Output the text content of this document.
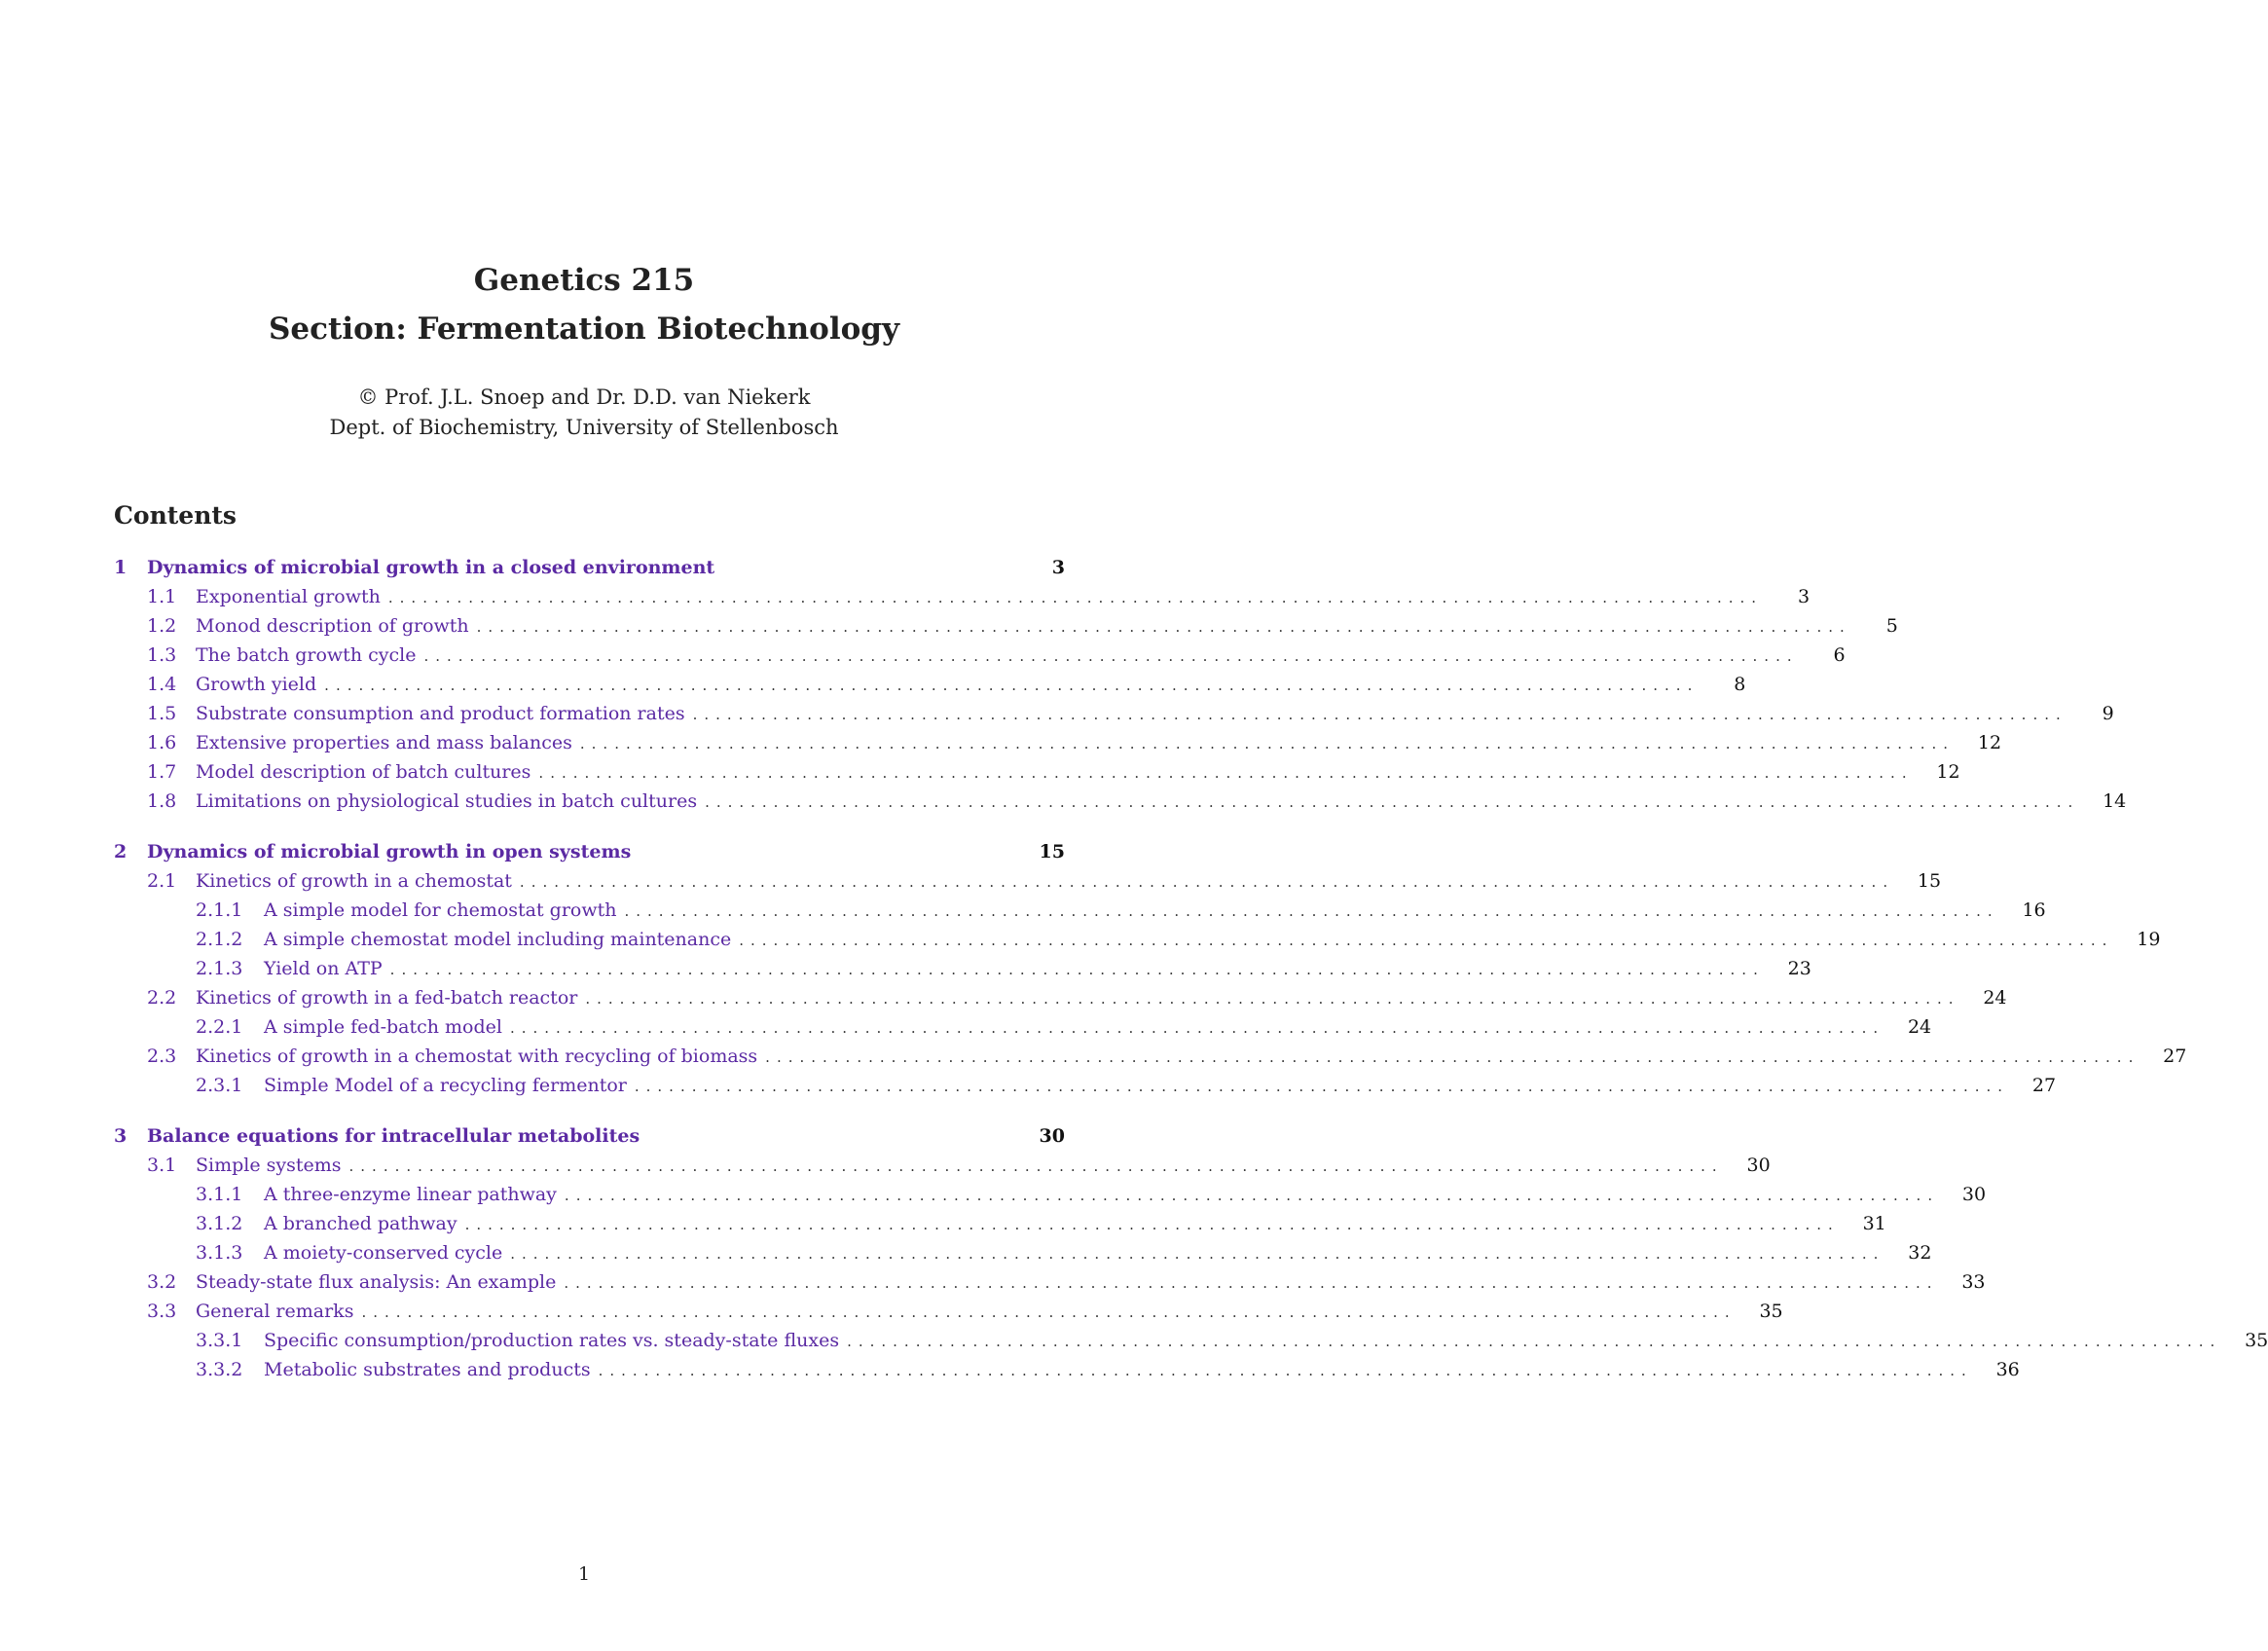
Genetics 215
Section: Fermentation Biotechnology
© Prof. J.L. Snoep and Dr. D.D. van Niekerk
Dept. of Biochemistry, University of Stellenbosch
Contents
1	Dynamics of microbial growth in a closed environment	3
1.1	Exponential growth ........................................................................................................................	3
1.2	Monod description of growth ........................................................................................................................	5
1.3	The batch growth cycle ........................................................................................................................	6
1.4	Growth yield ........................................................................................................................	8
1.5	Substrate consumption and product formation rates ........................................................................................................................	9
1.6	Extensive properties and mass balances ........................................................................................................................	12
1.7	Model description of batch cultures ........................................................................................................................	12
1.8	Limitations on physiological studies in batch cultures ........................................................................................................................	14
2	Dynamics of microbial growth in open systems	15
2.1	Kinetics of growth in a chemostat ........................................................................................................................	15
2.1.1	A simple model for chemostat growth ........................................................................................................................	16
2.1.2	A simple chemostat model including maintenance ........................................................................................................................	19
2.1.3	Yield on ATP ........................................................................................................................	23
2.2	Kinetics of growth in a fed-batch reactor ........................................................................................................................	24
2.2.1	A simple fed-batch model ........................................................................................................................	24
2.3	Kinetics of growth in a chemostat with recycling of biomass ........................................................................................................................	27
2.3.1	Simple Model of a recycling fermentor ........................................................................................................................	27
3	Balance equations for intracellular metabolites	30
3.1	Simple systems ........................................................................................................................	30
3.1.1	A three-enzyme linear pathway ........................................................................................................................	30
3.1.2	A branched pathway ........................................................................................................................	31
3.1.3	A moiety-conserved cycle ........................................................................................................................	32
3.2	Steady-state flux analysis: An example ........................................................................................................................	33
3.3	General remarks ........................................................................................................................	35
3.3.1	Specific consumption/production rates vs. steady-state fluxes ........................................................................................................................	35
3.3.2	Metabolic substrates and products ........................................................................................................................	36
1
